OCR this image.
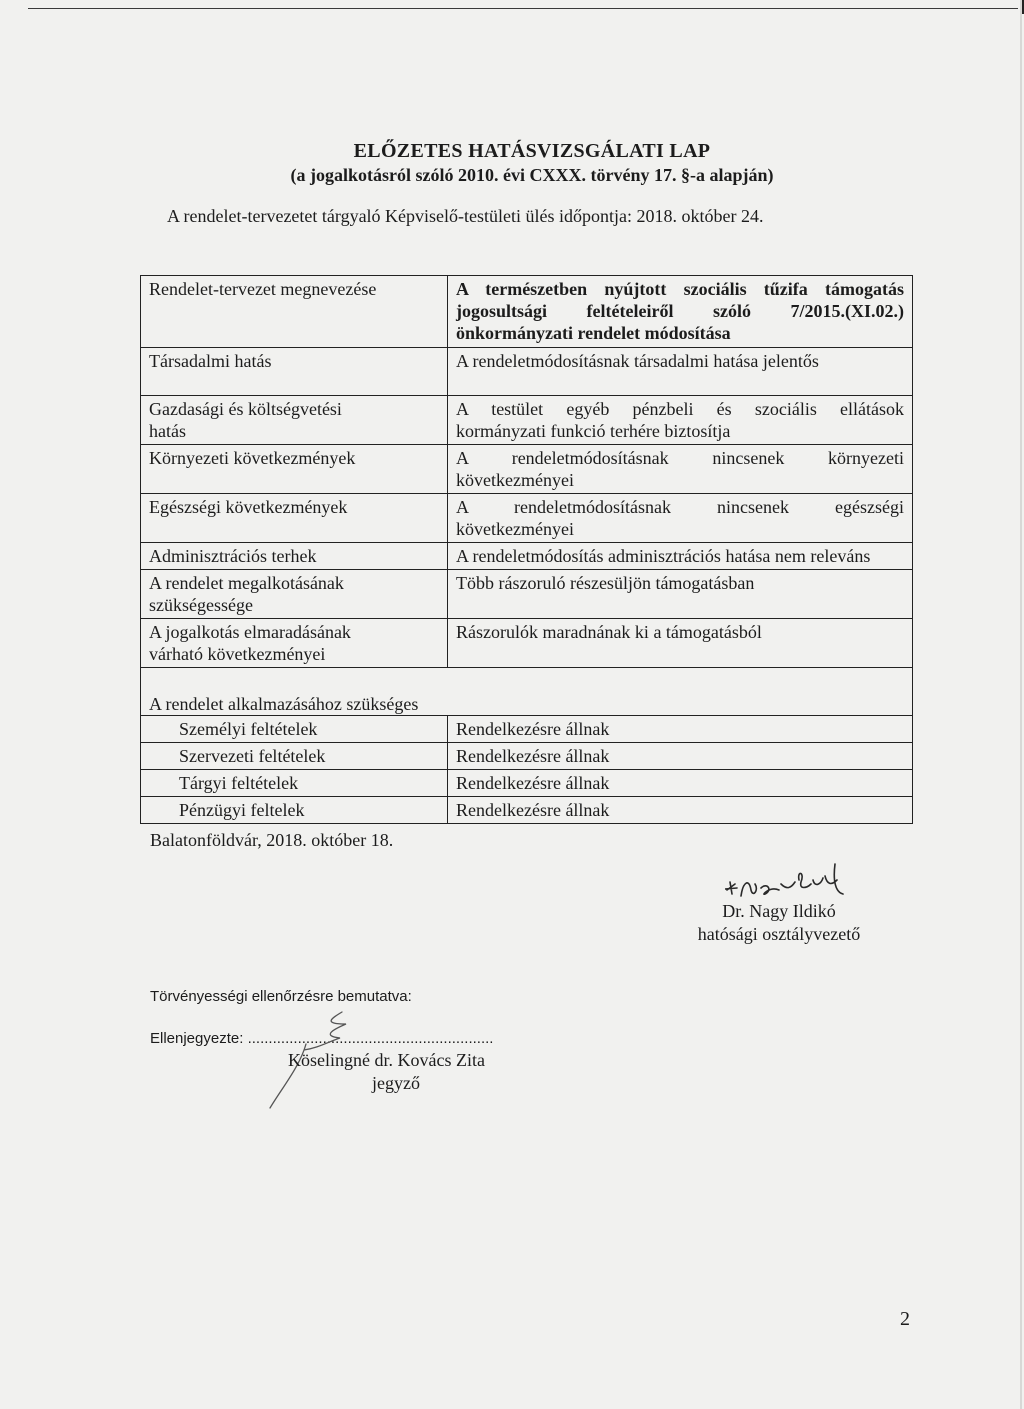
ELŐZETES HATÁSVIZSGÁLATI LAP
(a jogalkotásról szóló 2010. évi CXXX. törvény 17. §-a alapján)
A rendelet-tervezetet tárgyaló Képviselő-testületi ülés időpontja: 2018. október 24.
Rendelet-tervezet megnevezése	A természetben nyújtott szociális tűzifa támogatás
jogosultsági feltételeiről szóló 7/2015.(XI.02.)

önkormányzati rendelet módosítása

Társadalmi hatás	A rendeletmódosításnak társadalmi hatása jelentős
Gazdasági és költségvetési
hatás	A testület egyéb pénzbeli és szociális ellátások

kormányzati funkció terhére biztosítja

Környezeti következmények	A rendeletmódosításnak nincsenek környezeti

következményei

Egészségi következmények	A rendeletmódosításnak nincsenek egészségi

következményei

Adminisztrációs terhek	A rendeletmódosítás adminisztrációs hatása nem releváns
A rendelet megalkotásának
szükségessége	Több rászoruló részesüljön támogatásban
A jogalkotás elmaradásának
várható következményei	Rászorulók maradnának ki a támogatásból
A rendelet alkalmazásához szükséges	
Személyi feltételek	Rendelkezésre állnak
Szervezeti feltételek	Rendelkezésre állnak
Tárgyi feltételek	Rendelkezésre állnak
Pénzügyi feltelek	Rendelkezésre állnak
Balatonföldvár, 2018. október 18.
Dr. Nagy Ildikó
hatósági osztályvezető
Törvényességi ellenőrzésre bemutatva:
Ellenjegyezte: ...........................................................
Köselingné dr. Kovács Zita
jegyző
2
